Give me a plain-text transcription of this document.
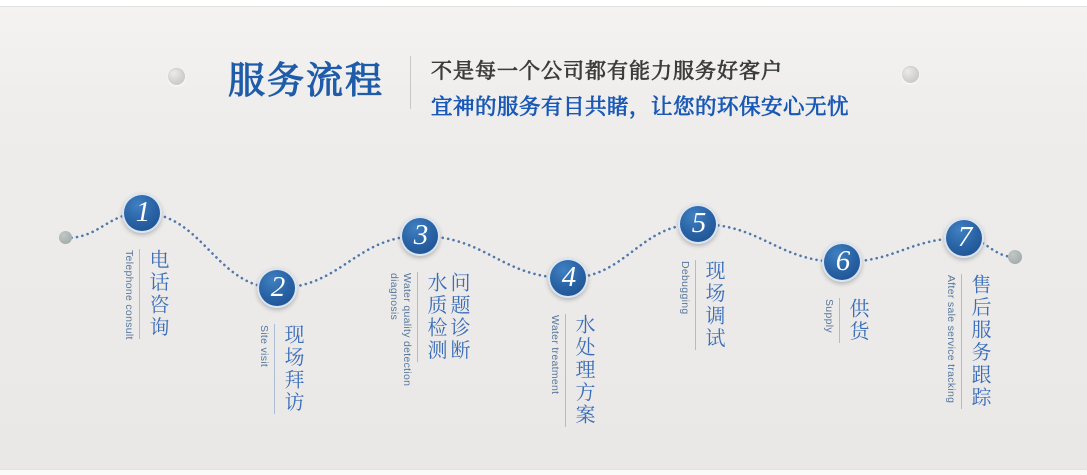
服务流程 不是每一个公司都有能力服务好客户
宜神的服务有目共睹，让您的环保安心无忧
1
Telephone consult 电话咨询	2
Site visit 现场拜访
3
Water quality detection
diagnosis 水质检测 问题诊断	4
Water treatment 水处理方案
5
Debugging 现场调试	6
Supply 供货
7
After sale service tracking 售后服务跟踪
